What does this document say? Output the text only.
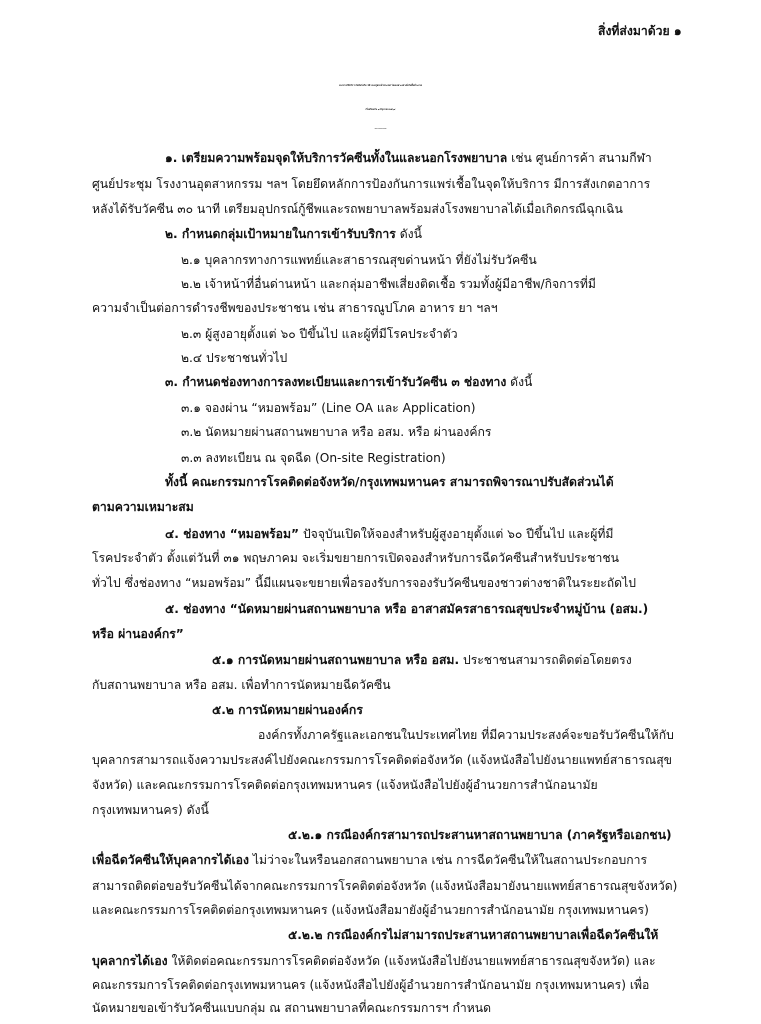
สิ่งที่ส่งมาด้วย ๑
แนวทางให้บริการวัคซีนโควิด 19 แบบปูพรมทั่วประเทศ โดยเฉพาะอย่างยิ่งในพื้นที่ระบาด
เริ่มพร้อมกัน ๗ มิถุนายน ๒๕๖๔
-------------
๑. เตรียมความพร้อมจุดให้บริการวัคซีนทั้งในและนอกโรงพยาบาล เช่น ศูนย์การค้า สนามกีฬา
ศูนย์ประชุม โรงงานอุตสาหกรรม ฯลฯ โดยยึดหลักการป้องกันการแพร่เชื้อในจุดให้บริการ มีการสังเกตอาการ
หลังได้รับวัคซีน ๓๐ นาที เตรียมอุปกรณ์กู้ชีพและรถพยาบาลพร้อมส่งโรงพยาบาลได้เมื่อเกิดกรณีฉุกเฉิน
๒. กำหนดกลุ่มเป้าหมายในการเข้ารับบริการ ดังนี้
๒.๑ บุคลากรทางการแพทย์และสาธารณสุขด่านหน้า ที่ยังไม่รับวัคซีน
๒.๒ เจ้าหน้าที่อื่นด่านหน้า และกลุ่มอาชีพเสี่ยงติดเชื้อ รวมทั้งผู้มีอาชีพ/กิจการที่มี
ความจำเป็นต่อการดำรงชีพของประชาชน เช่น สาธารณูปโภค อาหาร ยา ฯลฯ
๒.๓ ผู้สูงอายุตั้งแต่ ๖๐ ปีขึ้นไป และผู้ที่มีโรคประจำตัว
๒.๔ ประชาชนทั่วไป
๓. กำหนดช่องทางการลงทะเบียนและการเข้ารับวัคซีน ๓ ช่องทาง ดังนี้
๓.๑ จองผ่าน “หมอพร้อม” (Line OA และ Application)
๓.๒ นัดหมายผ่านสถานพยาบาล หรือ อสม. หรือ ผ่านองค์กร
๓.๓ ลงทะเบียน ณ จุดฉีด (On-site Registration)
ทั้งนี้ คณะกรรมการโรคติดต่อจังหวัด/กรุงเทพมหานคร สามารถพิจารณาปรับสัดส่วนได้
ตามความเหมาะสม
๔. ช่องทาง “หมอพร้อม” ปัจจุบันเปิดให้จองสำหรับผู้สูงอายุตั้งแต่ ๖๐ ปีขึ้นไป และผู้ที่มี
โรคประจำตัว ตั้งแต่วันที่ ๓๑ พฤษภาคม จะเริ่มขยายการเปิดจองสำหรับการฉีดวัคซีนสำหรับประชาชน
ทั่วไป ซึ่งช่องทาง “หมอพร้อม” นี้มีแผนจะขยายเพื่อรองรับการจองรับวัคซีนของชาวต่างชาติในระยะถัดไป
๕. ช่องทาง “นัดหมายผ่านสถานพยาบาล หรือ อาสาสมัครสาธารณสุขประจำหมู่บ้าน (อสม.)
หรือ ผ่านองค์กร”
๕.๑ การนัดหมายผ่านสถานพยาบาล หรือ อสม. ประชาชนสามารถติดต่อโดยตรง
กับสถานพยาบาล หรือ อสม. เพื่อทำการนัดหมายฉีดวัคซีน
๕.๒ การนัดหมายผ่านองค์กร
องค์กรทั้งภาครัฐและเอกชนในประเทศไทย ที่มีความประสงค์จะขอรับวัคซีนให้กับ
บุคลากรสามารถแจ้งความประสงค์ไปยังคณะกรรมการโรคติดต่อจังหวัด (แจ้งหนังสือไปยังนายแพทย์สาธารณสุข
จังหวัด) และคณะกรรมการโรคติดต่อกรุงเทพมหานคร (แจ้งหนังสือไปยังผู้อำนวยการสำนักอนามัย
กรุงเทพมหานคร) ดังนี้
๕.๒.๑ กรณีองค์กรสามารถประสานหาสถานพยาบาล (ภาครัฐหรือเอกชน)
เพื่อฉีดวัคซีนให้บุคลากรได้เอง ไม่ว่าจะในหรือนอกสถานพยาบาล เช่น การฉีดวัคซีนให้ในสถานประกอบการ
สามารถติดต่อขอรับวัคซีนได้จากคณะกรรมการโรคติดต่อจังหวัด (แจ้งหนังสือมายังนายแพทย์สาธารณสุขจังหวัด)
และคณะกรรมการโรคติดต่อกรุงเทพมหานคร (แจ้งหนังสือมายังผู้อำนวยการสำนักอนามัย กรุงเทพมหานคร)
๕.๒.๒ กรณีองค์กรไม่สามารถประสานหาสถานพยาบาลเพื่อฉีดวัคซีนให้
บุคลากรได้เอง ให้ติดต่อคณะกรรมการโรคติดต่อจังหวัด (แจ้งหนังสือไปยังนายแพทย์สาธารณสุขจังหวัด) และ
คณะกรรมการโรคติดต่อกรุงเทพมหานคร (แจ้งหนังสือไปยังผู้อำนวยการสำนักอนามัย กรุงเทพมหานคร) เพื่อ
นัดหมายขอเข้ารับวัคซีนแบบกลุ่ม ณ สถานพยาบาลที่คณะกรรมการฯ กำหนด
